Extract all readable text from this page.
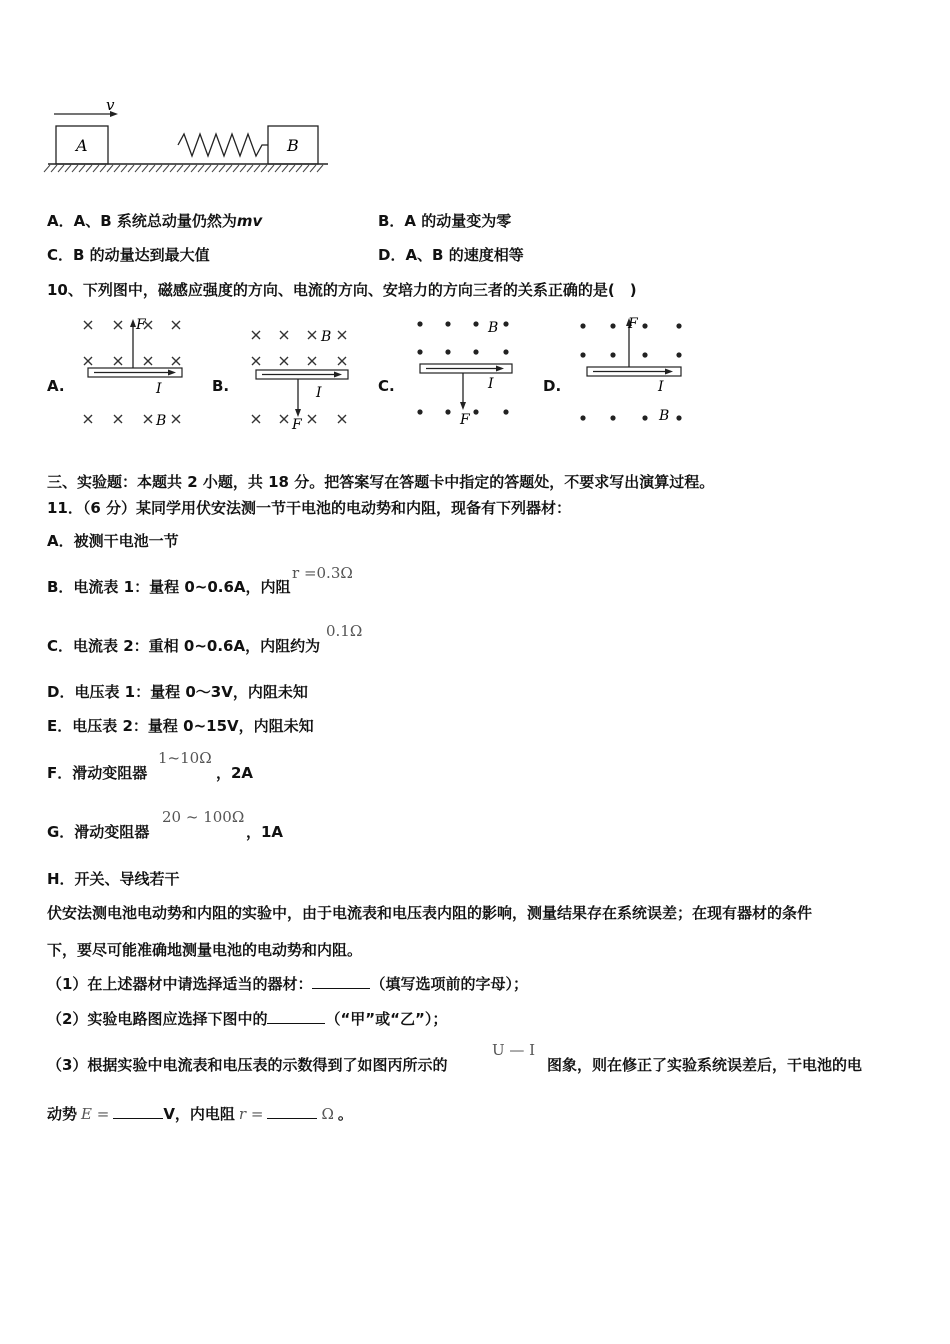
v
A	B
A．A、B 系统总动量仍然为mv	B．A 的动量变为零
C．B 的动量达到最大值	D．A、B 的速度相等
10、下列图中，磁感应强度的方向、电流的方向、安培力的方向三者的关系正确的是(　)
A.	B.	C.	D.
F
I
B	F
I
B
F
I
B	F
I
B
三、实验题：本题共 2 小题，共 18 分。把答案写在答题卡中指定的答题处，不要求写出演算过程。
11．（6 分）某同学用伏安法测一节干电池的电动势和内阻，现备有下列器材：
A．被测干电池一节
B．电流表 1：量程 0~0.6A，内阻
r =0.3Ω
C．电流表 2：重相 0~0.6A，内阻约为
0.1Ω
D．电压表 1：量程 0～3V，内阻未知
E．电压表 2：量程 0~15V，内阻未知
F．滑动变阻器
1~10Ω
，2A
G．滑动变阻器
20 ~ 100Ω
，1A
H．开关、导线若干
伏安法测电池电动势和内阻的实验中，由于电流表和电压表内阻的影响，测量结果存在系统误差；在现有器材的条件
下，要尽可能准确地测量电池的电动势和内阻。
（1）在上述器材中请选择适当的器材：	（填写选项前的字母）；
（2）实验电路图应选择下图中的	（“甲”或“乙”）；
（3）根据实验中电流表和电压表的示数得到了如图丙所示的
U — I
图象，则在修正了实验系统误差后，干电池的电
动势 E =	V，内电阻 r =	Ω 。
